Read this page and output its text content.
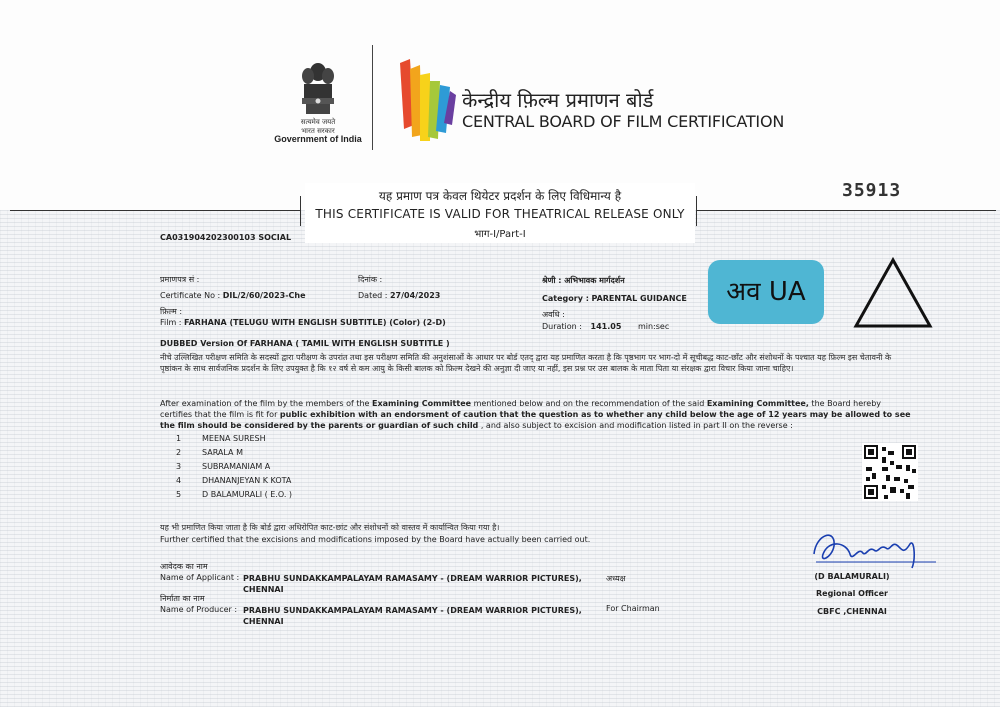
सत्यमेव जयते भारत सरकार
Government of India
केन्द्रीय फ़िल्म प्रमाणन बोर्ड
CENTRAL BOARD OF FILM CERTIFICATION
यह प्रमाण पत्र केवल थियेटर प्रदर्शन के लिए विधिमान्य है
THIS CERTIFICATE IS VALID FOR THEATRICAL RELEASE ONLY
भाग-I/Part-I
35913
CA031904202300103 SOCIAL
प्रमाणपत्र सं :
Certificate No : DIL/2/60/2023-Che
दिनांक :
Dated : 27/04/2023
श्रेणी : अभिभावक मार्गदर्शन
Category : PARENTAL GUIDANCE
फ़िल्म :
Film : FARHANA (TELUGU WITH ENGLISH SUBTITLE) (Color) (2-D)
अवधि :
Duration : 141.05 min:sec
अव UA
DUBBED Version Of FARHANA ( TAMIL WITH ENGLISH SUBTITLE )
नीचे उल्लिखित परीक्षण समिति के सदस्यों द्वारा परीक्षण के उपरांत तथा इस परीक्षण समिति की अनुशंसाओं के आधार पर बोर्ड एतद् द्वारा यह प्रमाणित करता है कि पृष्ठभाग पर भाग-दो में सूचीबद्ध काट-छाँट और संशोधनों के पश्चात यह फ़िल्म इस चेतावनी के पृष्ठांकन के साथ सार्वजनिक प्रदर्शन के लिए उपयुक्त है कि १२ वर्ष से कम आयु के किसी बालक को फ़िल्म देखने की अनुज्ञा दी जाए या नहीं, इस प्रश्न पर उस बालक के माता पिता या संरक्षक द्वारा विचार किया जाना चाहिए।
After examination of the film by the members of the Examining Committee mentioned below and on the recommendation of the said Examining Committee, the Board hereby certifies that the film is fit for public exhibition with an endorsment of caution that the question as to whether any child below the age of 12 years may be allowed to see the film should be considered by the parents or guardian of such child , and also subject to excision and modification listed in part II on the reverse :
1	MEENA SURESH
2	SARALA M
3	SUBRAMANIAM A
4	DHANANJEYAN K KOTA
5	D BALAMURALI ( E.O. )
यह भी प्रमाणित किया जाता है कि बोर्ड द्वारा अधिरोपित काट-छांट और संशोधनों को वास्तव में कार्यान्वित किया गया है।
Further certified that the excisions and modifications imposed by the Board have actually been carried out.
आवेदक का नाम
Name of Applicant : PRABHU SUNDAKKAMPALAYAM RAMASAMY - (DREAM WARRIOR PICTURES), CHENNAI
निर्माता का नाम
Name of Producer : PRABHU SUNDAKKAMPALAYAM RAMASAMY - (DREAM WARRIOR PICTURES), CHENNAI
अध्यक्ष
For Chairman
(D BALAMURALI)
Regional Officer
CBFC ,CHENNAI
